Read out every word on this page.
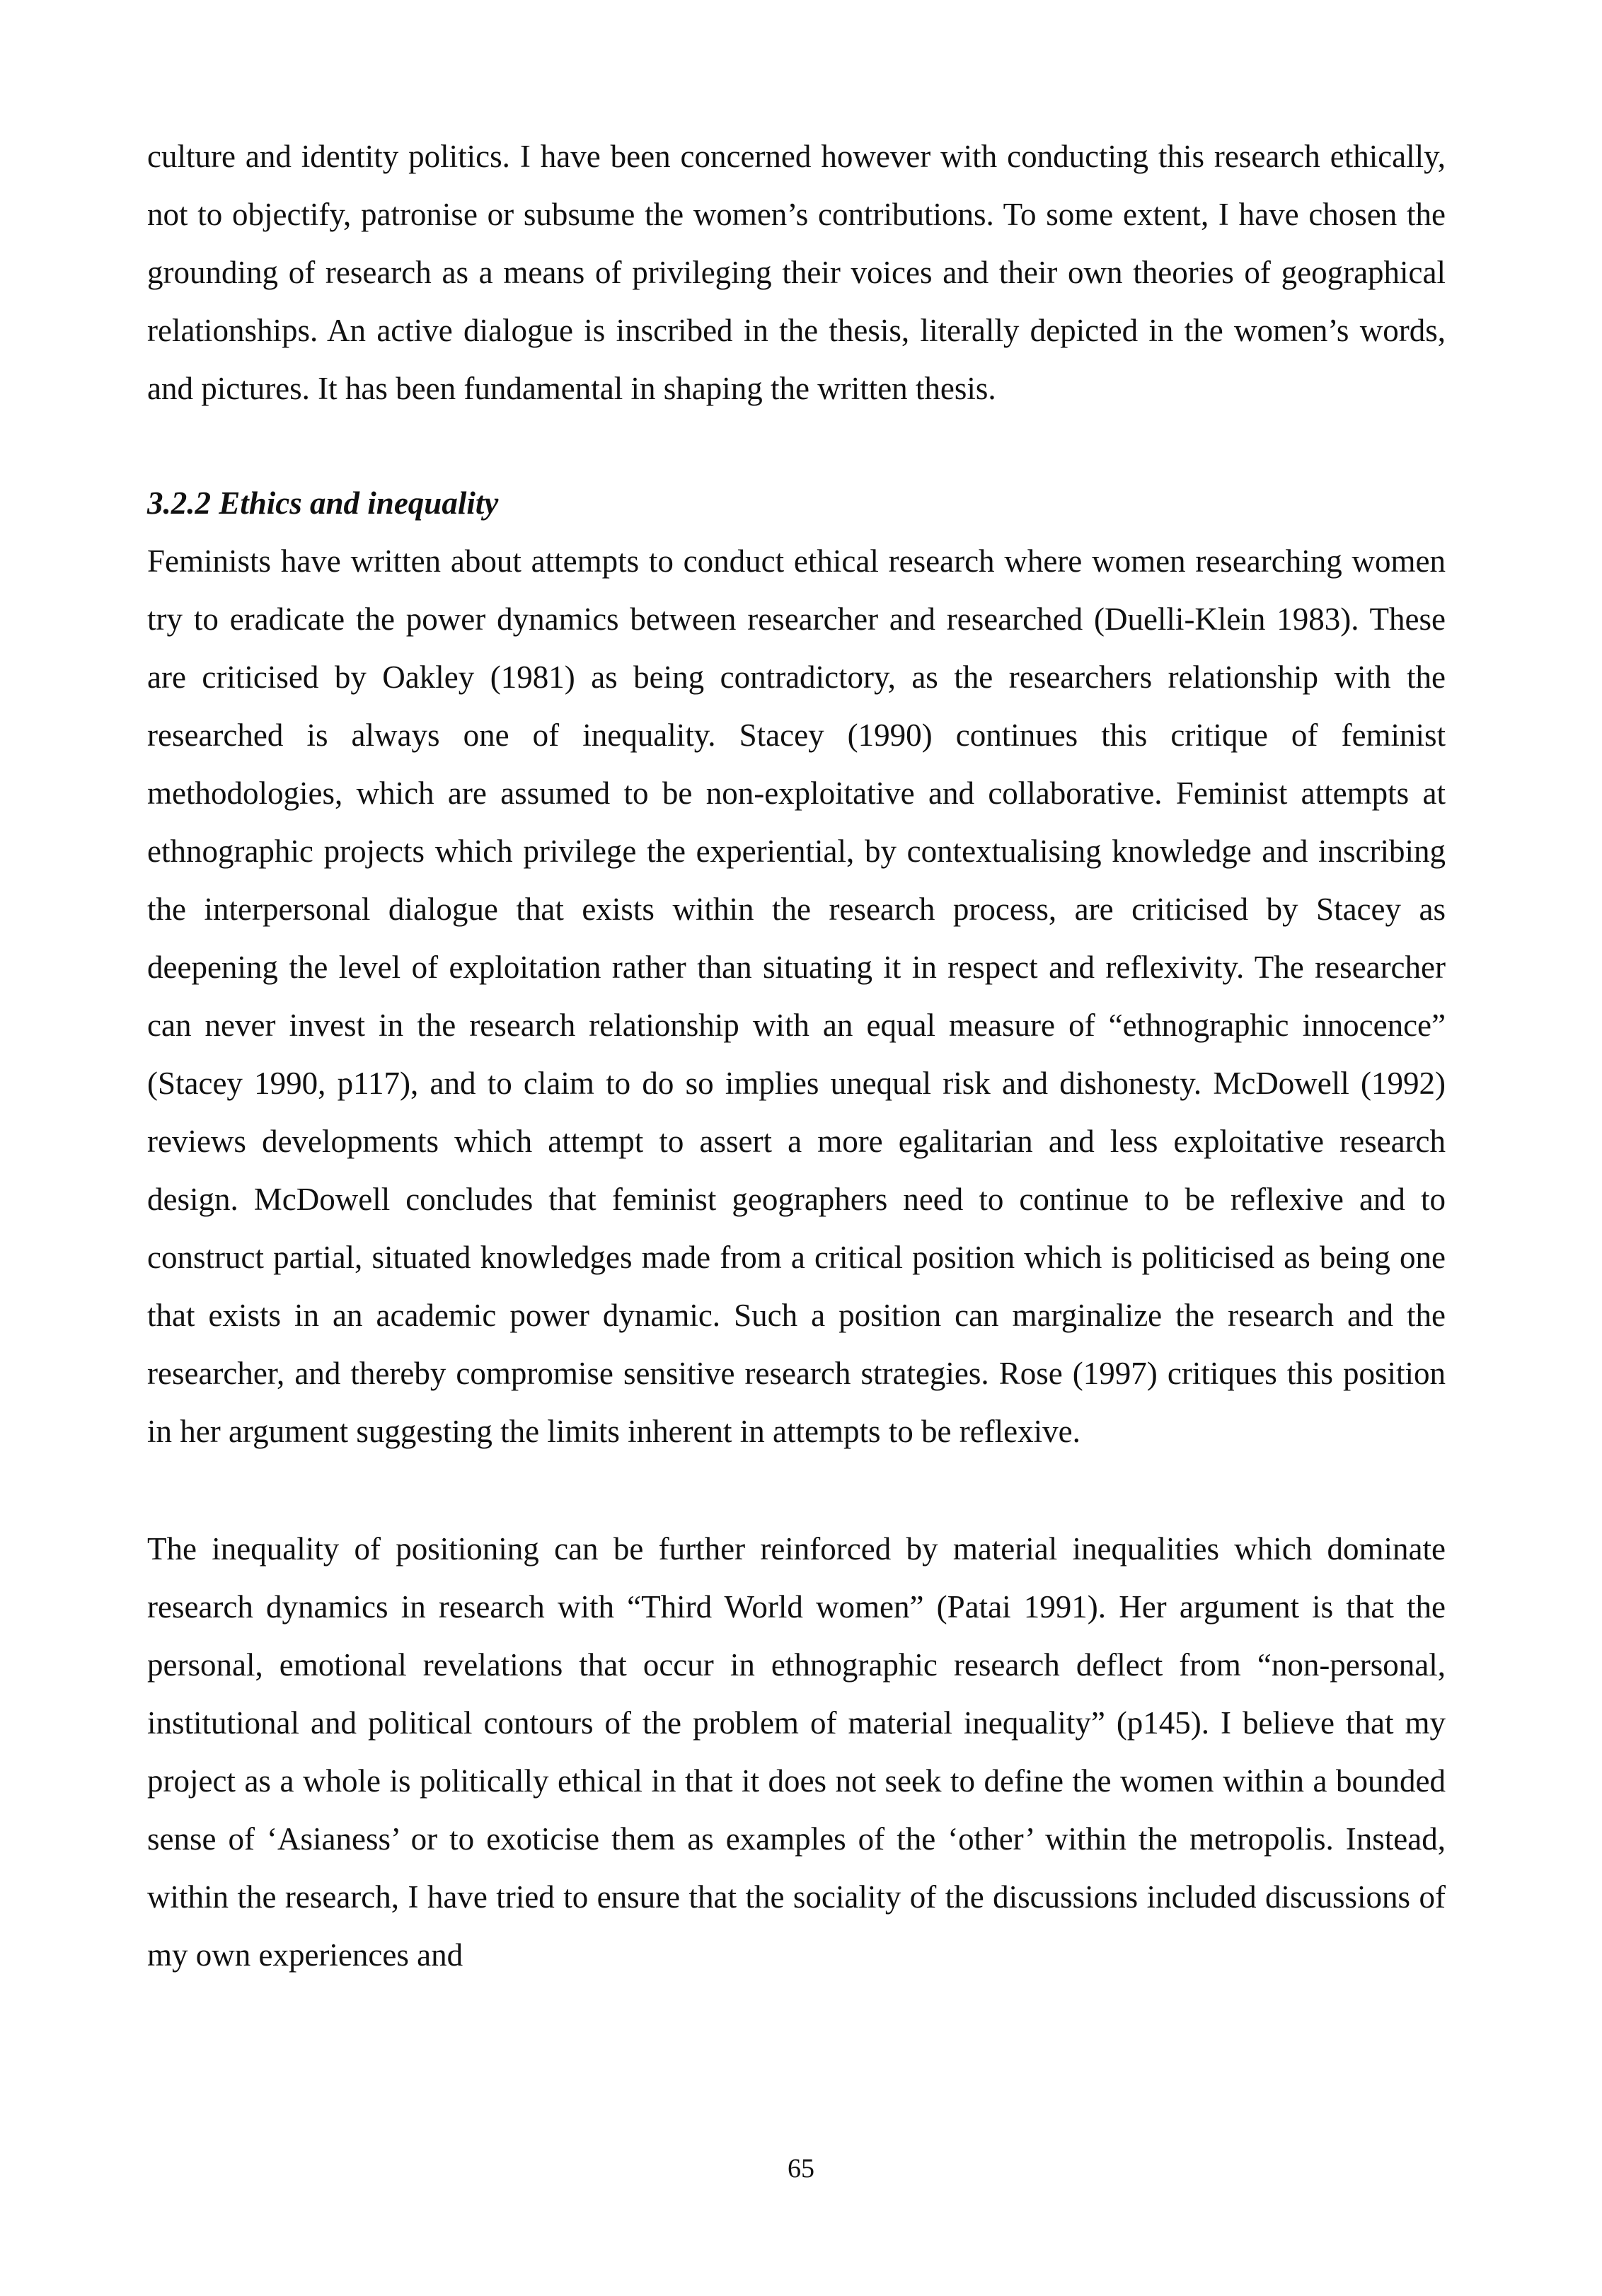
culture and identity politics. I have been concerned however with conducting this research ethically, not to objectify, patronise or subsume the women’s contributions. To some extent, I have chosen the grounding of research as a means of privileging their voices and their own theories of geographical relationships. An active dialogue is inscribed in the thesis, literally depicted in the women’s words, and pictures. It has been fundamental in shaping the written thesis.

3.2.2 Ethics and inequality

Feminists have written about attempts to conduct ethical research where women researching women try to eradicate the power dynamics between researcher and researched (Duelli-Klein 1983). These are criticised by Oakley (1981) as being contradictory, as the researchers relationship with the researched is always one of inequality. Stacey (1990) continues this critique of feminist methodologies, which are assumed to be non-exploitative and collaborative. Feminist attempts at ethnographic projects which privilege the experiential, by contextualising knowledge and inscribing the interpersonal dialogue that exists within the research process, are criticised by Stacey as deepening the level of exploitation rather than situating it in respect and reflexivity. The researcher can never invest in the research relationship with an equal measure of “ethnographic innocence” (Stacey 1990, p117), and to claim to do so implies unequal risk and dishonesty. McDowell (1992) reviews developments which attempt to assert a more egalitarian and less exploitative research design. McDowell concludes that feminist geographers need to continue to be reflexive and to construct partial, situated knowledges made from a critical position which is politicised as being one that exists in an academic power dynamic. Such a position can marginalize the research and the researcher, and thereby compromise sensitive research strategies. Rose (1997) critiques this position in her argument suggesting the limits inherent in attempts to be reflexive.

The inequality of positioning can be further reinforced by material inequalities which dominate research dynamics in research with “Third World women” (Patai 1991). Her argument is that the personal, emotional revelations that occur in ethnographic research deflect from “non-personal, institutional and political contours of the problem of material inequality” (p145). I believe that my project as a whole is politically ethical in that it does not seek to define the women within a bounded sense of ‘Asianess’ or to exoticise them as examples of the ‘other’ within the metropolis. Instead, within the research, I have tried to ensure that the sociality of the discussions included discussions of my own experiences and

65
